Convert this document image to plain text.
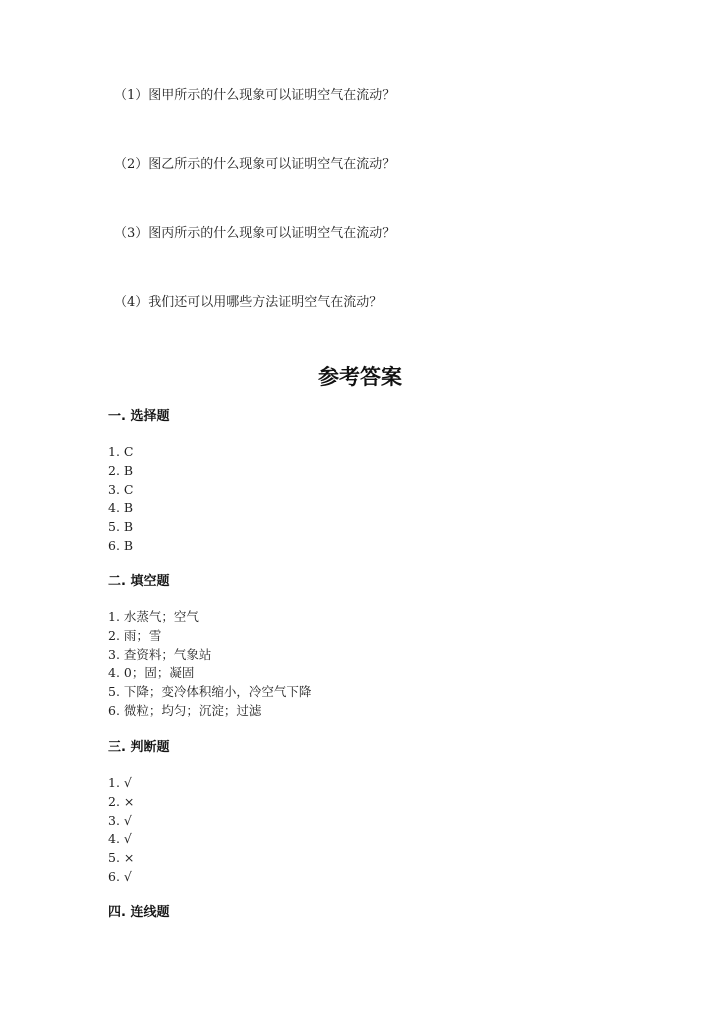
（1）图甲所示的什么现象可以证明空气在流动？
（2）图乙所示的什么现象可以证明空气在流动？
（3）图丙所示的什么现象可以证明空气在流动？
（4）我们还可以用哪些方法证明空气在流动？
参考答案
一. 选择题
1. C
2. B
3. C
4. B
5. B
6. B
二. 填空题
1. 水蒸气；空气
2. 雨；雪
3. 查资料；气象站
4. 0；固；凝固
5. 下降；变冷体积缩小，冷空气下降
6. 微粒；均匀；沉淀；过滤
三. 判断题
1. √
2. ×
3. √
4. √
5. ×
6. √
四. 连线题
